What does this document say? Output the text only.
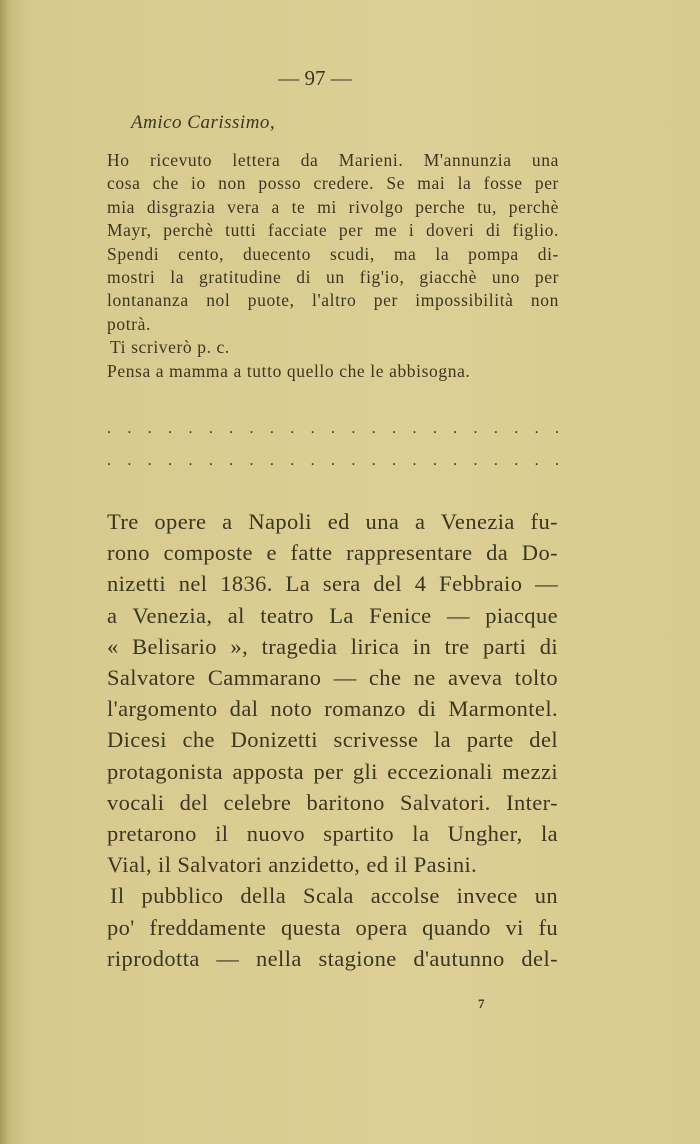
— 97 —
Amico Carissimo,
Ho ricevuto lettera da Marieni. M'annunzia una
cosa che io non posso credere. Se mai la fosse per
mia disgrazia vera a te mi rivolgo perche tu, perchè
Mayr, perchè tutti facciate per me i doveri di figlio.
Spendi cento, duecento scudi, ma la pompa di-
mostri la gratitudine di un fig'io, giacchè uno per
lontananza nol puote, l'altro per impossibilità non
potrà.
Ti scriverò p. c.
Pensa a mamma a tutto quello che le abbisogna.
. . . . . . . . . . . . . . . . . . . . . . .
. . . . . . . . . . . . . . . . . . . . . . .
Tre opere a Napoli ed una a Venezia fu-
rono composte e fatte rappresentare da Do-
nizetti nel 1836. La sera del 4 Febbraio —
a Venezia, al teatro La Fenice — piacque
« Belisario », tragedia lirica in tre parti di
Salvatore Cammarano — che ne aveva tolto
l'argomento dal noto romanzo di Marmontel.
Dicesi che Donizetti scrivesse la parte del
protagonista apposta per gli eccezionali mezzi
vocali del celebre baritono Salvatori. Inter-
pretarono il nuovo spartito la Ungher, la
Vial, il Salvatori anzidetto, ed il Pasini.
Il pubblico della Scala accolse invece un
po' freddamente questa opera quando vi fu
riprodotta — nella stagione d'autunno del-
7
